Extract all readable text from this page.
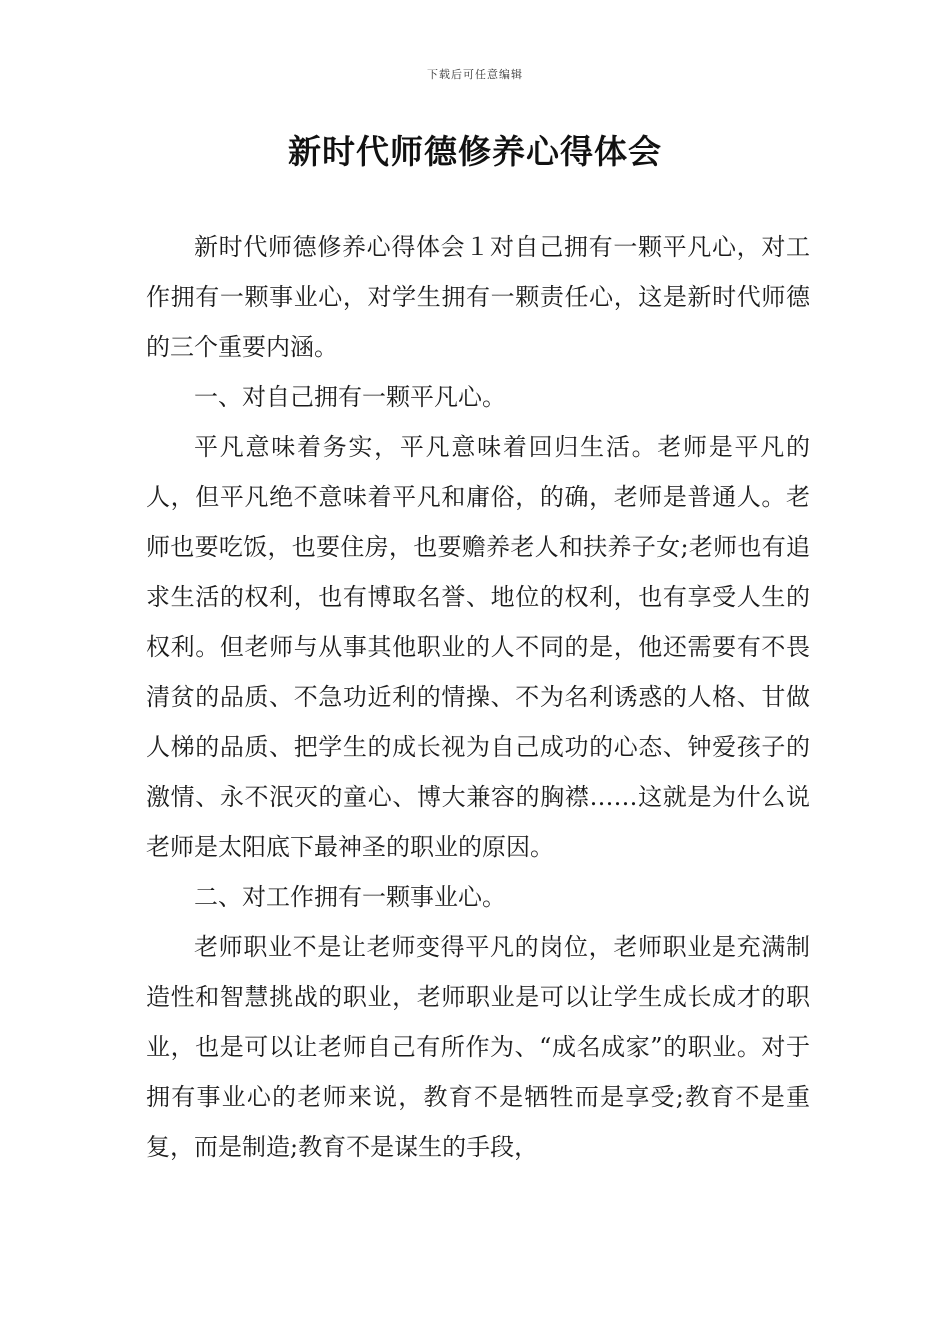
下载后可任意编辑
新时代师德修养心得体会

新时代师德修养心得体会１对自己拥有一颗平凡心，对工作拥有一颗事业心，对学生拥有一颗责任心，这是新时代师德的三个重要内涵。

一、对自己拥有一颗平凡心。

平凡意味着务实，平凡意味着回归生活。老师是平凡的人，但平凡绝不意味着平凡和庸俗，的确，老师是普通人。老师也要吃饭，也要住房，也要赡养老人和扶养子女;老师也有追求生活的权利，也有博取名誉、地位的权利，也有享受人生的权利。但老师与从事其他职业的人不同的是，他还需要有不畏清贫的品质、不急功近利的情操、不为名利诱惑的人格、甘做人梯的品质、把学生的成长视为自己成功的心态、钟爱孩子的激情、永不泯灭的童心、博大兼容的胸襟……这就是为什么说老师是太阳底下最神圣的职业的原因。

二、对工作拥有一颗事业心。

老师职业不是让老师变得平凡的岗位，老师职业是充满制造性和智慧挑战的职业，老师职业是可以让学生成长成才的职业，也是可以让老师自己有所作为、“成名成家”的职业。对于拥有事业心的老师来说，教育不是牺牲而是享受;教育不是重复，而是制造;教育不是谋生的手段，
